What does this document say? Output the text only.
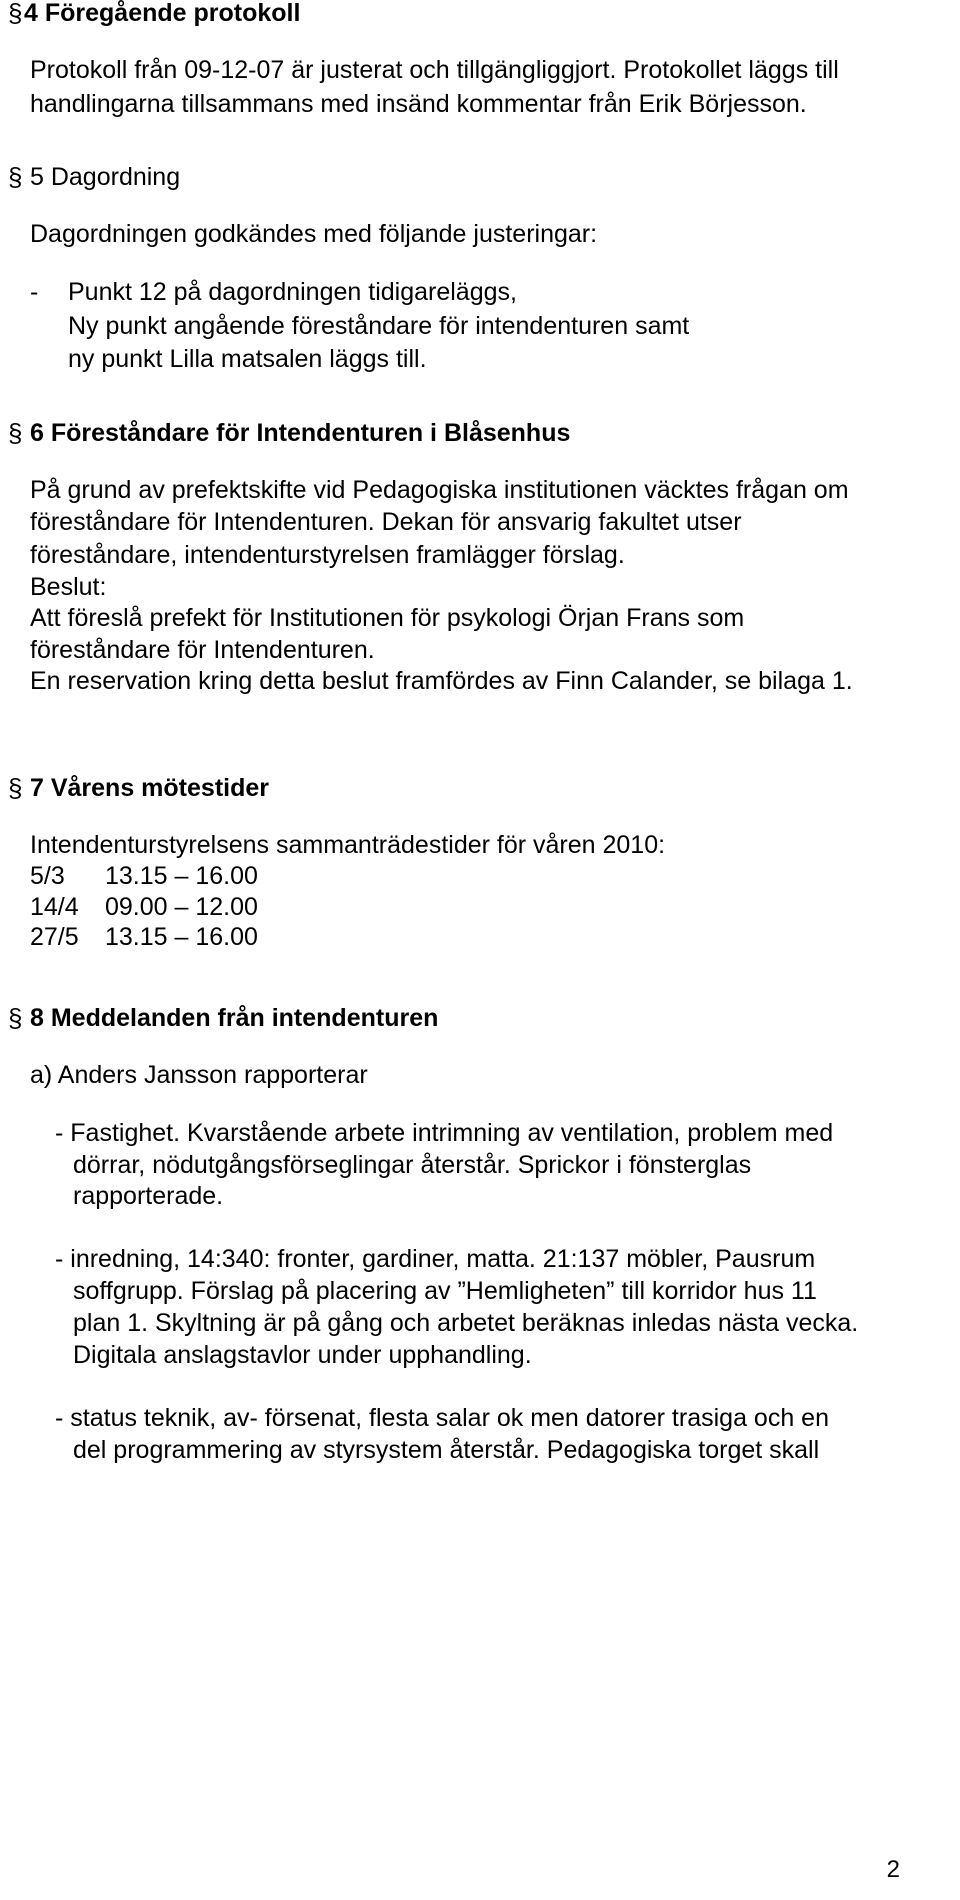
§ 4 Föregående protokoll
Protokoll från 09-12-07 är justerat och tillgängliggjort. Protokollet läggs till
handlingarna tillsammans med insänd kommentar från Erik Börjesson.
§ 5 Dagordning
Dagordningen godkändes med följande justeringar:
- Punkt 12 på dagordningen tidigareläggs,
Ny punkt angående föreståndare för intendenturen samt
ny punkt Lilla matsalen läggs till.
§ 6 Föreståndare för Intendenturen i Blåsenhus
På grund av prefektskifte vid Pedagogiska institutionen väcktes frågan om
föreståndare för Intendenturen. Dekan för ansvarig fakultet utser
föreståndare, intendenturstyrelsen framlägger förslag.
Beslut:
Att föreslå prefekt för Institutionen för psykologi Örjan Frans som
föreståndare för Intendenturen.
En reservation kring detta beslut framfördes av Finn Calander, se bilaga 1.
§ 7 Vårens mötestider
Intendenturstyrelsens sammanträdestider för våren 2010:
5/3 13.15 – 16.00
14/4 09.00 – 12.00
27/5 13.15 – 16.00
§ 8 Meddelanden från intendenturen
a) Anders Jansson rapporterar
- Fastighet. Kvarstående arbete intrimning av ventilation, problem med
dörrar, nödutgångsförseglingar återstår. Sprickor i fönsterglas
rapporterade.
- inredning, 14:340: fronter, gardiner, matta. 21:137 möbler, Pausrum
soffgrupp. Förslag på placering av ”Hemligheten” till korridor hus 11
plan 1. Skyltning är på gång och arbetet beräknas inledas nästa vecka.
Digitala anslagstavlor under upphandling.
- status teknik, av- försenat, flesta salar ok men datorer trasiga och en
del programmering av styrsystem återstår. Pedagogiska torget skall
2
